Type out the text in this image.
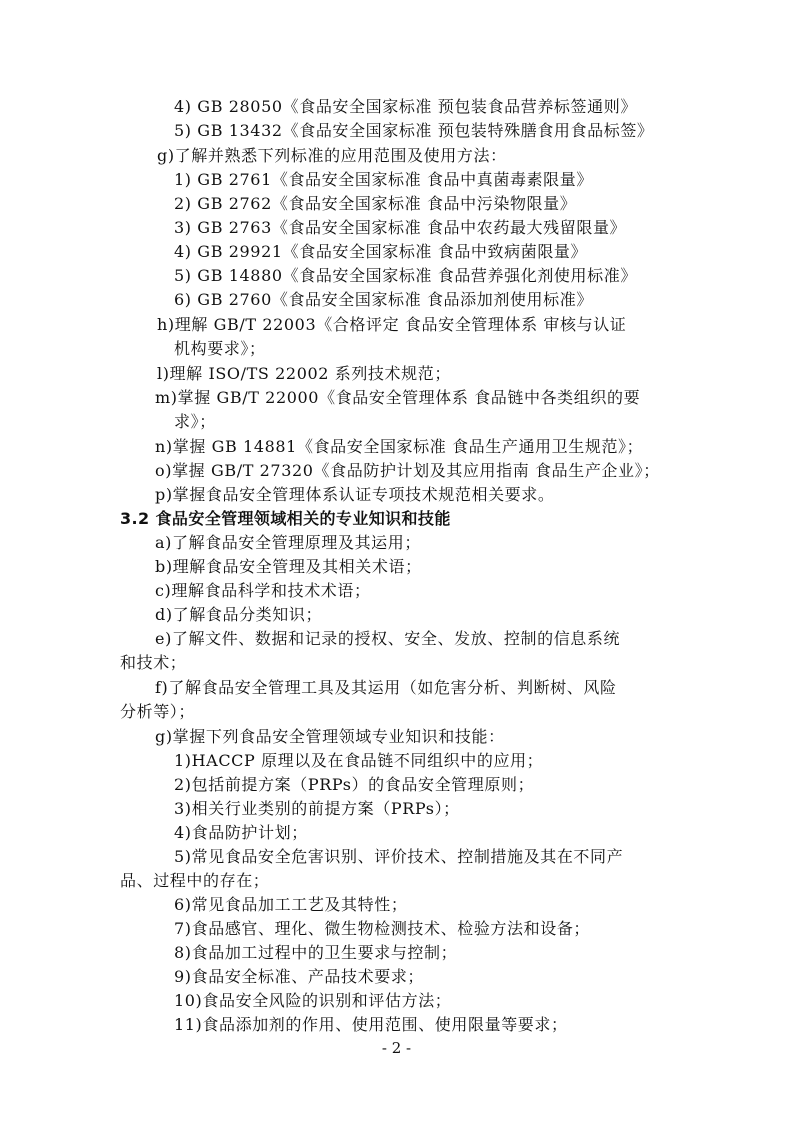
4) GB 28050《食品安全国家标准 预包装食品营养标签通则》
5) GB 13432《食品安全国家标准 预包装特殊膳食用食品标签》
g)了解并熟悉下列标准的应用范围及使用方法：
1) GB 2761《食品安全国家标准 食品中真菌毒素限量》
2) GB 2762《食品安全国家标准 食品中污染物限量》
3) GB 2763《食品安全国家标准 食品中农药最大残留限量》
4) GB 29921《食品安全国家标准 食品中致病菌限量》
5) GB 14880《食品安全国家标准 食品营养强化剂使用标准》
6) GB 2760《食品安全国家标准 食品添加剂使用标准》
h)理解 GB/T 22003《合格评定 食品安全管理体系 审核与认证
机构要求》；
l)理解 ISO/TS 22002 系列技术规范；
m)掌握 GB/T 22000《食品安全管理体系 食品链中各类组织的要
求》；
n)掌握 GB 14881《食品安全国家标准 食品生产通用卫生规范》；
o)掌握 GB/T 27320《食品防护计划及其应用指南 食品生产企业》；
p)掌握食品安全管理体系认证专项技术规范相关要求。
3.2 食品安全管理领域相关的专业知识和技能
a)了解食品安全管理原理及其运用；
b)理解食品安全管理及其相关术语；
c)理解食品科学和技术术语；
d)了解食品分类知识；
e)了解文件、数据和记录的授权、安全、发放、控制的信息系统
和技术；
f)了解食品安全管理工具及其运用（如危害分析、判断树、风险
分析等）；
g)掌握下列食品安全管理领域专业知识和技能：
1)HACCP 原理以及在食品链不同组织中的应用；
2)包括前提方案（PRPs）的食品安全管理原则；
3)相关行业类别的前提方案（PRPs）；
4)食品防护计划；
5)常见食品安全危害识别、评价技术、控制措施及其在不同产
品、过程中的存在；
6)常见食品加工工艺及其特性；
7)食品感官、理化、微生物检测技术、检验方法和设备；
8)食品加工过程中的卫生要求与控制；
9)食品安全标准、产品技术要求；
10)食品安全风险的识别和评估方法；
11)食品添加剂的作用、使用范围、使用限量等要求；
- 2 -
